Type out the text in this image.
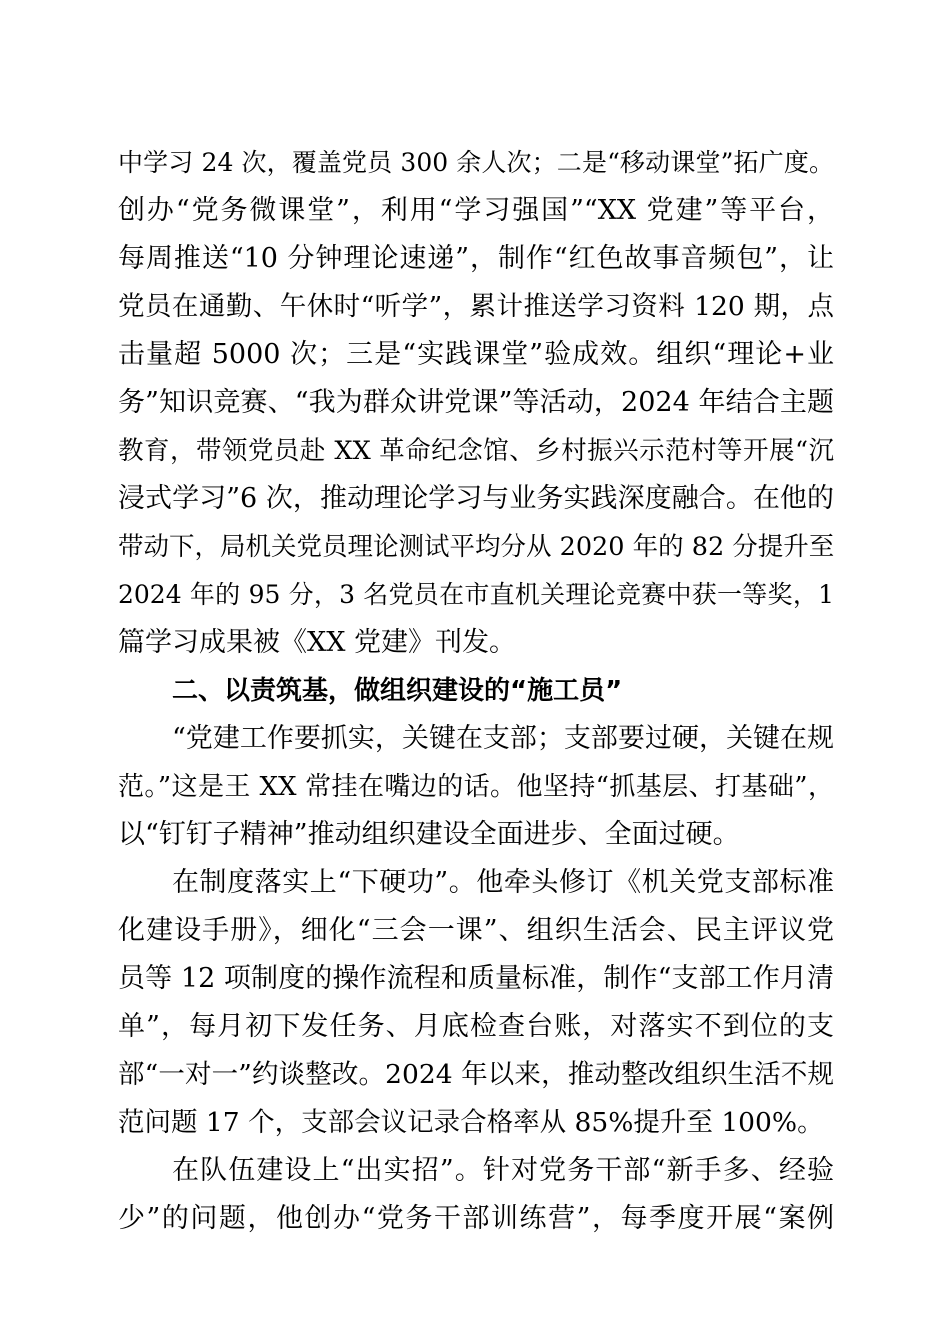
中学习 24 次，覆盖党员 300 余人次；二是“移动课堂”拓广度。
创办“党务微课堂”，利用“学习强国”“XX 党建”等平台，
每周推送“10 分钟理论速递”，制作“红色故事音频包”，让
党员在通勤、午休时“听学”，累计推送学习资料 120 期，点
击量超 5000 次；三是“实践课堂”验成效。组织“理论+业
务”知识竞赛、“我为群众讲党课”等活动，2024 年结合主题
教育，带领党员赴 XX 革命纪念馆、乡村振兴示范村等开展“沉
浸式学习”6 次，推动理论学习与业务实践深度融合。在他的
带动下，局机关党员理论测试平均分从 2020 年的 82 分提升至
2024 年的 95 分，3 名党员在市直机关理论竞赛中获一等奖，1
篇学习成果被《XX 党建》刊发。
二、以责筑基，做组织建设的“施工员”
“党建工作要抓实，关键在支部；支部要过硬，关键在规
范。”这是王 XX 常挂在嘴边的话。他坚持“抓基层、打基础”，
以“钉钉子精神”推动组织建设全面进步、全面过硬。
在制度落实上“下硬功”。他牵头修订《机关党支部标准
化建设手册》，细化“三会一课”、组织生活会、民主评议党
员等 12 项制度的操作流程和质量标准，制作“支部工作月清
单”，每月初下发任务、月底检查台账，对落实不到位的支
部“一对一”约谈整改。2024 年以来，推动整改组织生活不规
范问题 17 个，支部会议记录合格率从 85%提升至 100%。
在队伍建设上“出实招”。针对党务干部“新手多、经验
少”的问题，他创办“党务干部训练营”，每季度开展“案例
